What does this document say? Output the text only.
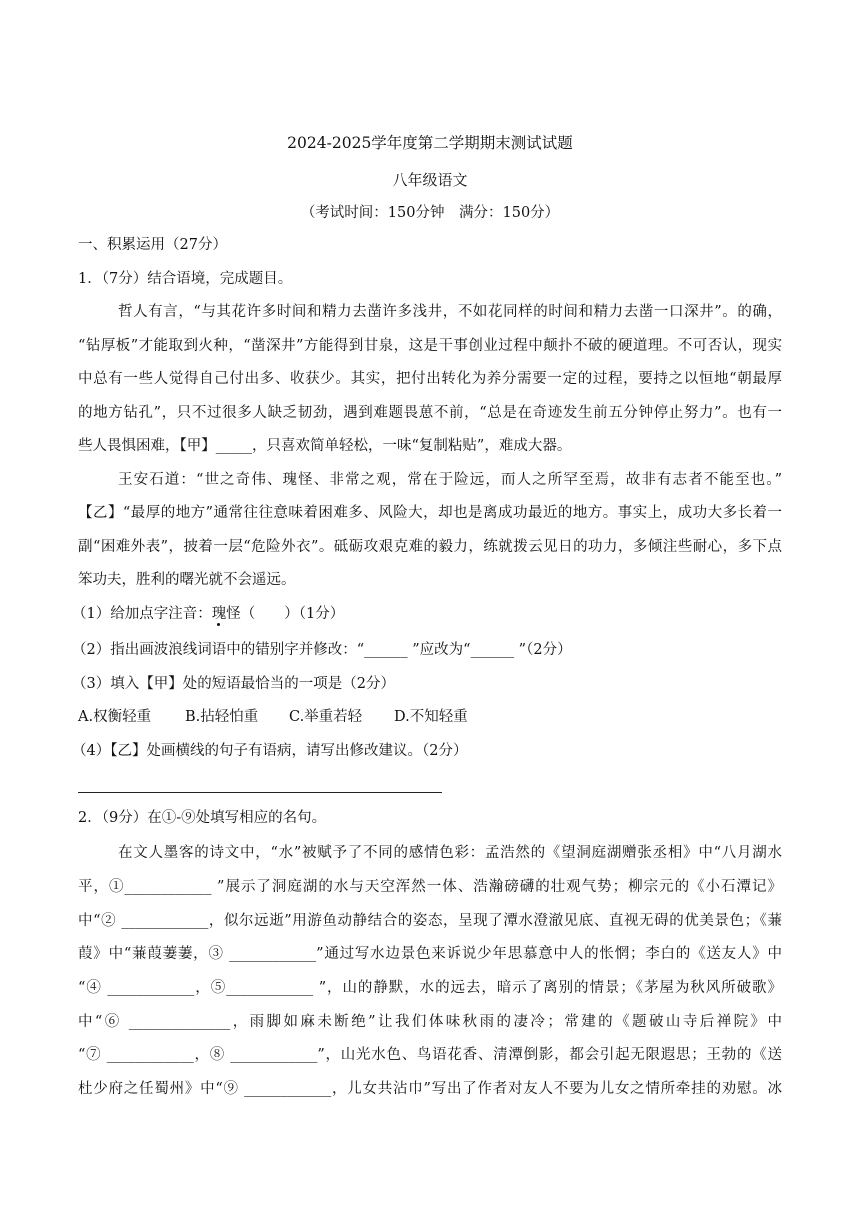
2024-2025学年度第二学期期末测试试题
八年级语文
（考试时间：150分钟　满分：150分）
一、积累运用（27分）
1．（7分）结合语境，完成题目。
哲人有言，“与其花许多时间和精力去凿许多浅井，不如花同样的时间和精力去凿一口深井”。的确，
“钻厚板”才能取到火种，“凿深井”方能得到甘泉，这是干事创业过程中颠扑不破的硬道理。不可否认，现实
中总有一些人觉得自己付出多、收获少。其实，把付出转化为养分需要一定的过程，要持之以恒地“朝最厚
的地方钻孔”，只不过很多人缺乏韧劲，遇到难题畏葸不前，“总是在奇迹发生前五分钟停止努力”。也有一
些人畏惧困难，【甲】_____，只喜欢简单轻松，一味“复制粘贴”，难成大器。
王安石道：“世之奇伟、瑰怪、非常之观，常在于险远，而人之所罕至焉，故非有志者不能至也。”
【乙】“最厚的地方”通常往往意味着困难多、风险大，却也是离成功最近的地方。事实上，成功大多长着一
副“困难外表”，披着一层“危险外衣”。砥砺攻艰克难的毅力，练就拨云见日的功力，多倾注些耐心，多下点
笨功夫，胜利的曙光就不会遥远。
（1）给加点字注音：瑰怪（　　）（1分）
（2）指出画波浪线词语中的错别字并修改：“______ ”应改为“______ ”（2分）
（3）填入【甲】处的短语最恰当的一项是（2分）
A.权衡轻重 B.拈轻怕重 C.举重若轻 D.不知轻重
（4）【乙】处画横线的句子有语病，请写出修改建议。（2分）
2．（9分）在①-⑨处填写相应的名句。
在文人墨客的诗文中，“水”被赋予了不同的感情色彩：孟浩然的《望洞庭湖赠张丞相》中“八月湖水
平，①____________ ”展示了洞庭湖的水与天空浑然一体、浩瀚磅礴的壮观气势；柳宗元的《小石潭记》
中“② ____________，似尔远逝”用游鱼动静结合的姿态，呈现了潭水澄澈见底、直视无碍的优美景色；《蒹
葭》中“蒹葭萋萋，③ ____________”通过写水边景色来诉说少年思慕意中人的怅惘；李白的《送友人》中
“④ ____________，⑤____________ ”，山的静默，水的远去，暗示了离别的情景；《茅屋为秋风所破歌》
中“⑥ ______________，雨脚如麻未断绝”让我们体味秋雨的凄冷；常建的《题破山寺后禅院》中
“⑦ ____________，⑧ ____________”，山光水色、鸟语花香、清潭倒影，都会引起无限遐思；王勃的《送
杜少府之任蜀州》中“⑨ ____________，儿女共沾巾”写出了作者对友人不要为儿女之情所牵挂的劝慰。冰
